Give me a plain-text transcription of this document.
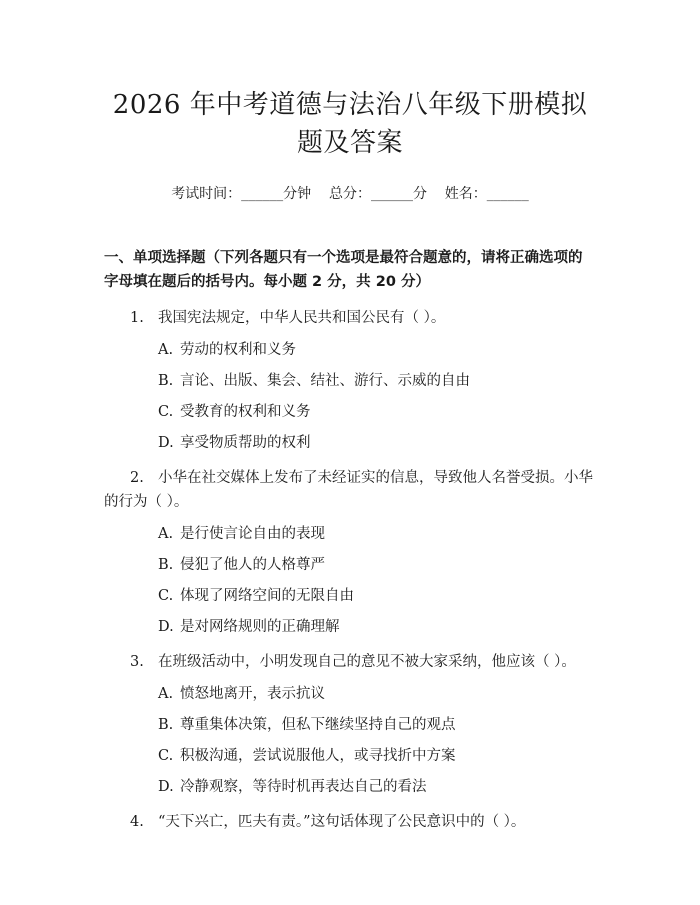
2026 年中考道德与法治八年级下册模拟题及答案
考试时间：______分钟    总分：______分    姓名：______
一、单项选择题（下列各题只有一个选项是最符合题意的，请将正确选项的字母填在题后的括号内。每小题 2 分，共 20 分）
1. 我国宪法规定，中华人民共和国公民有（ ）。
A. 劳动的权利和义务
B. 言论、出版、集会、结社、游行、示威的自由
C. 受教育的权利和义务
D. 享受物质帮助的权利
2. 小华在社交媒体上发布了未经证实的信息，导致他人名誉受损。小华的行为（ ）。
A. 是行使言论自由的表现
B. 侵犯了他人的人格尊严
C. 体现了网络空间的无限自由
D. 是对网络规则的正确理解
3. 在班级活动中，小明发现自己的意见不被大家采纳，他应该（ ）。
A. 愤怒地离开，表示抗议
B. 尊重集体决策，但私下继续坚持自己的观点
C. 积极沟通，尝试说服他人，或寻找折中方案
D. 冷静观察，等待时机再表达自己的看法
4. “天下兴亡，匹夫有责。”这句话体现了公民意识中的（ ）。
